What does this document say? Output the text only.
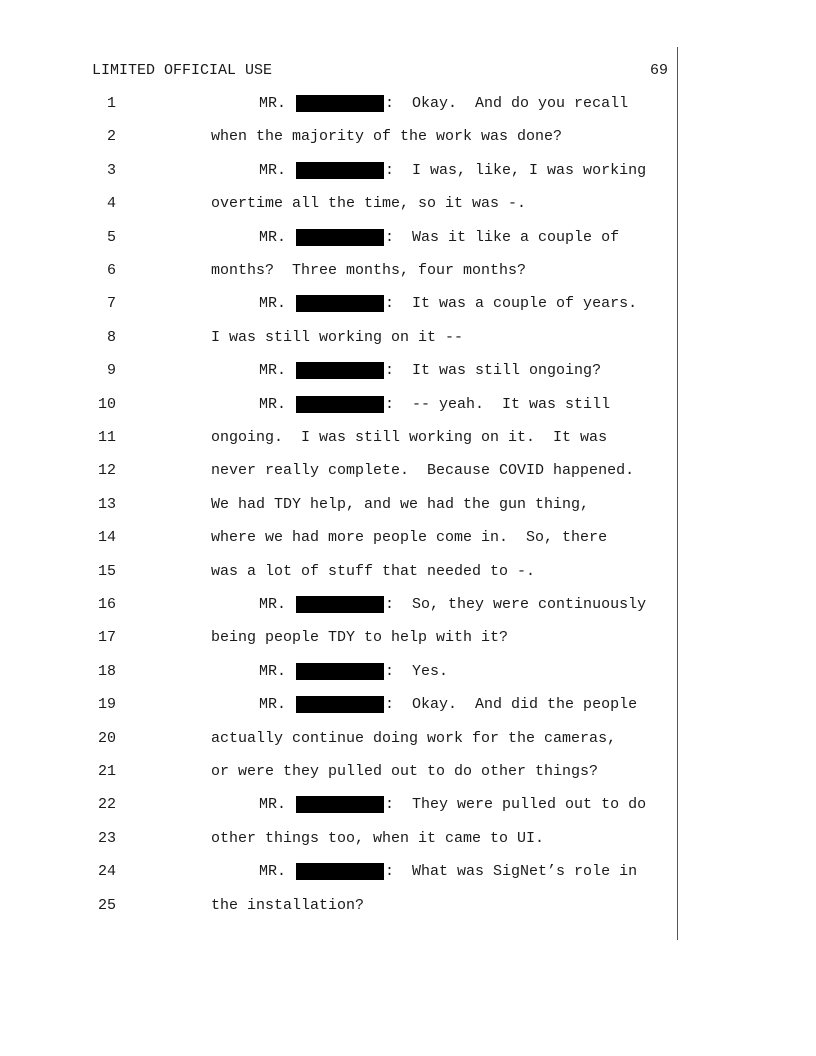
LIMITED OFFICIAL USE	69
1	MR.	: Okay.  And do you recall
2	when the majority of the work was done?
3	MR.	: I was, like, I was working
4	overtime all the time, so it was -.
5	MR.	: Was it like a couple of
6	months?  Three months, four months?
7	MR.	: It was a couple of years.
8	I was still working on it --
9	MR.	: It was still ongoing?
10	MR.	: -- yeah.  It was still
11	ongoing.  I was still working on it.  It was
12	never really complete.  Because COVID happened.
13	We had TDY help, and we had the gun thing,
14	where we had more people come in.  So, there
15	was a lot of stuff that needed to -.
16	MR.	: So, they were continuously
17	being people TDY to help with it?
18	MR.	: Yes.
19	MR.	: Okay.  And did the people
20	actually continue doing work for the cameras,
21	or were they pulled out to do other things?
22	MR.	: They were pulled out to do
23	other things too, when it came to UI.
24	MR.	: What was SigNet’s role in
25	the installation?
